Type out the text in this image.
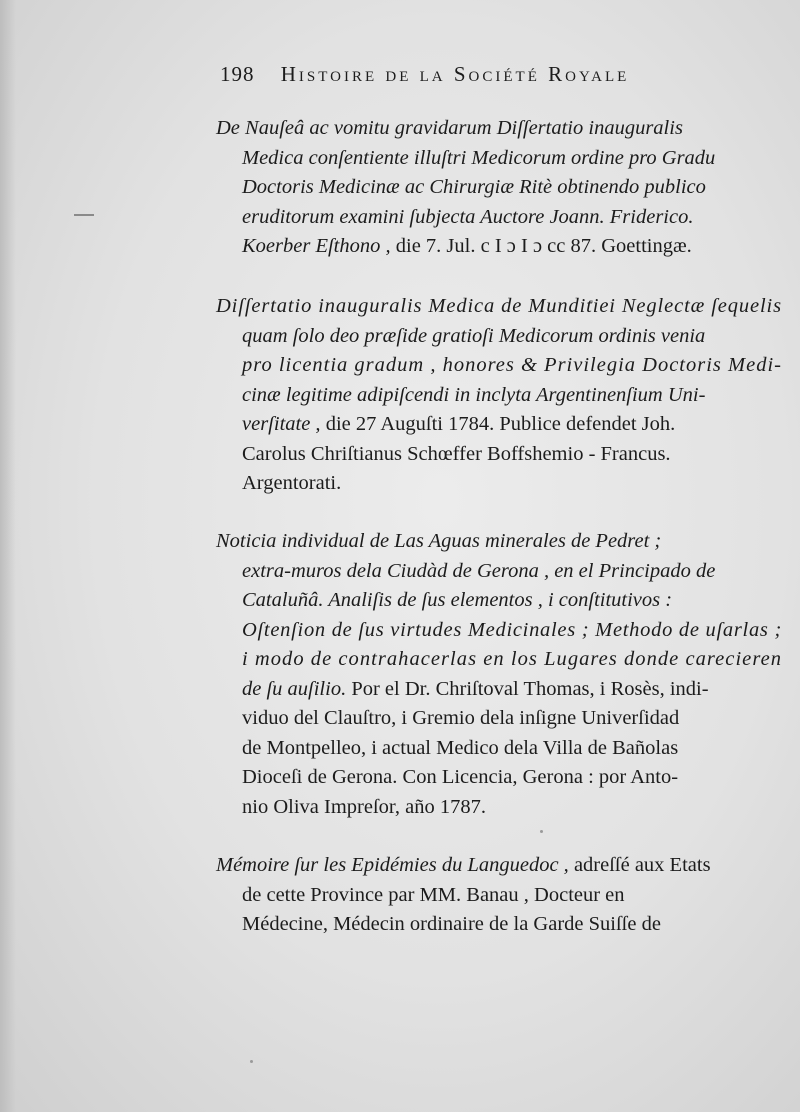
198 Histoire de la Société Royale
De Nauſeâ ac vomitu gravidarum Diſſertatio inauguralis
Medica conſentiente illuſtri Medicorum ordine pro Gradu
Doctoris Medicinæ ac Chirurgiæ Ritè obtinendo publico
eruditorum examini ſubjecta Auctore Joann. Friderico.
Koerber Eſthono , die 7. Jul. c I ɔ I ɔ cc 87. Goettingæ.
Diſſertatio inauguralis Medica de Munditiei Neglectæ ſequelis
quam ſolo deo præſide gratioſi Medicorum ordinis venia
pro licentia gradum , honores & Privilegia Doctoris Medi-
cinæ legitime adipiſcendi in inclyta Argentinenſium Uni-
verſitate , die 27 Auguſti 1784. Publice defendet Joh.
Carolus Chriſtianus Schœffer Boffshemio - Francus.
Argentorati.
Noticia individual de Las Aguas minerales de Pedret ;
extra-muros dela Ciudàd de Gerona , en el Principado de
Cataluñâ. Analiſis de ſus elementos , i conſtitutivos :
Oſtenſion de ſus virtudes Medicinales ; Methodo de uſarlas ;
i modo de contrahacerlas en los Lugares donde carecieren
de ſu auſilio. Por el Dr. Chriſtoval Thomas, i Rosès, indi-
viduo del Clauſtro, i Gremio dela inſigne Univerſidad
de Montpelleo, i actual Medico dela Villa de Bañolas
Dioceſi de Gerona. Con Licencia, Gerona : por Anto-
nio Oliva Impreſor, año 1787.
Mémoire ſur les Epidémies du Languedoc , adreſſé aux Etats
de cette Province par MM. Banau , Docteur en
Médecine, Médecin ordinaire de la Garde Suiſſe de
